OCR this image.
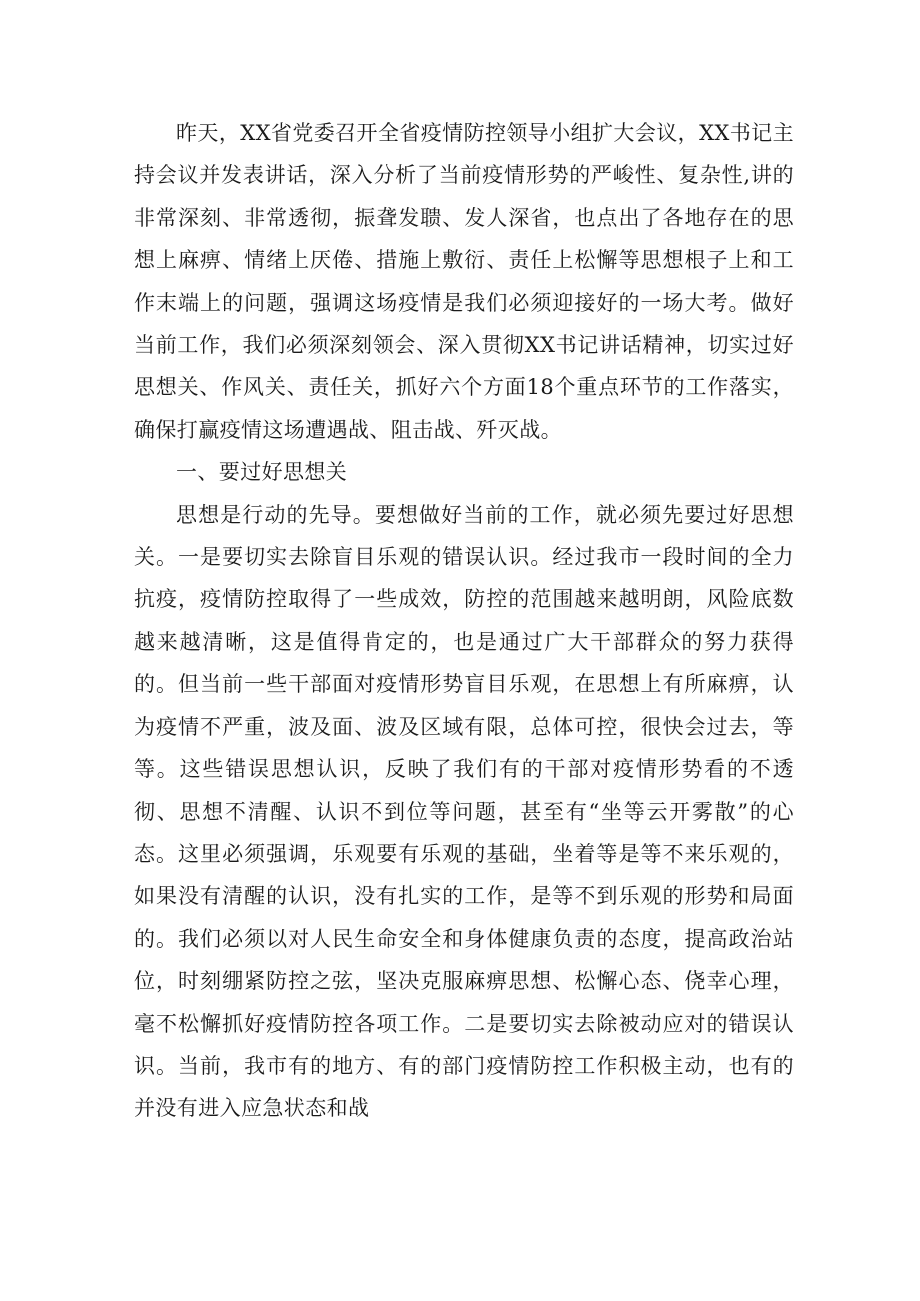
昨天，XX省党委召开全省疫情防控领导小组扩大会议，XX书记主持会议并发表讲话，深入分析了当前疫情形势的严峻性、复杂性,讲的非常深刻、非常透彻，振聋发聩、发人深省，也点出了各地存在的思想上麻痹、情绪上厌倦、措施上敷衍、责任上松懈等思想根子上和工作末端上的问题，强调这场疫情是我们必须迎接好的一场大考。做好当前工作，我们必须深刻领会、深入贯彻XX书记讲话精神，切实过好思想关、作风关、责任关，抓好六个方面18个重点环节的工作落实，确保打赢疫情这场遭遇战、阻击战、歼灭战。

一、要过好思想关

思想是行动的先导。要想做好当前的工作，就必须先要过好思想关。一是要切实去除盲目乐观的错误认识。经过我市一段时间的全力抗疫，疫情防控取得了一些成效，防控的范围越来越明朗，风险底数越来越清晰，这是值得肯定的，也是通过广大干部群众的努力获得的。但当前一些干部面对疫情形势盲目乐观，在思想上有所麻痹，认为疫情不严重，波及面、波及区域有限，总体可控，很快会过去，等等。这些错误思想认识，反映了我们有的干部对疫情形势看的不透彻、思想不清醒、认识不到位等问题，甚至有“坐等云开雾散”的心态。这里必须强调，乐观要有乐观的基础，坐着等是等不来乐观的，如果没有清醒的认识，没有扎实的工作，是等不到乐观的形势和局面的。我们必须以对人民生命安全和身体健康负责的态度，提高政治站位，时刻绷紧防控之弦，坚决克服麻痹思想、松懈心态、侥幸心理，毫不松懈抓好疫情防控各项工作。二是要切实去除被动应对的错误认识。当前，我市有的地方、有的部门疫情防控工作积极主动，也有的并没有进入应急状态和战
